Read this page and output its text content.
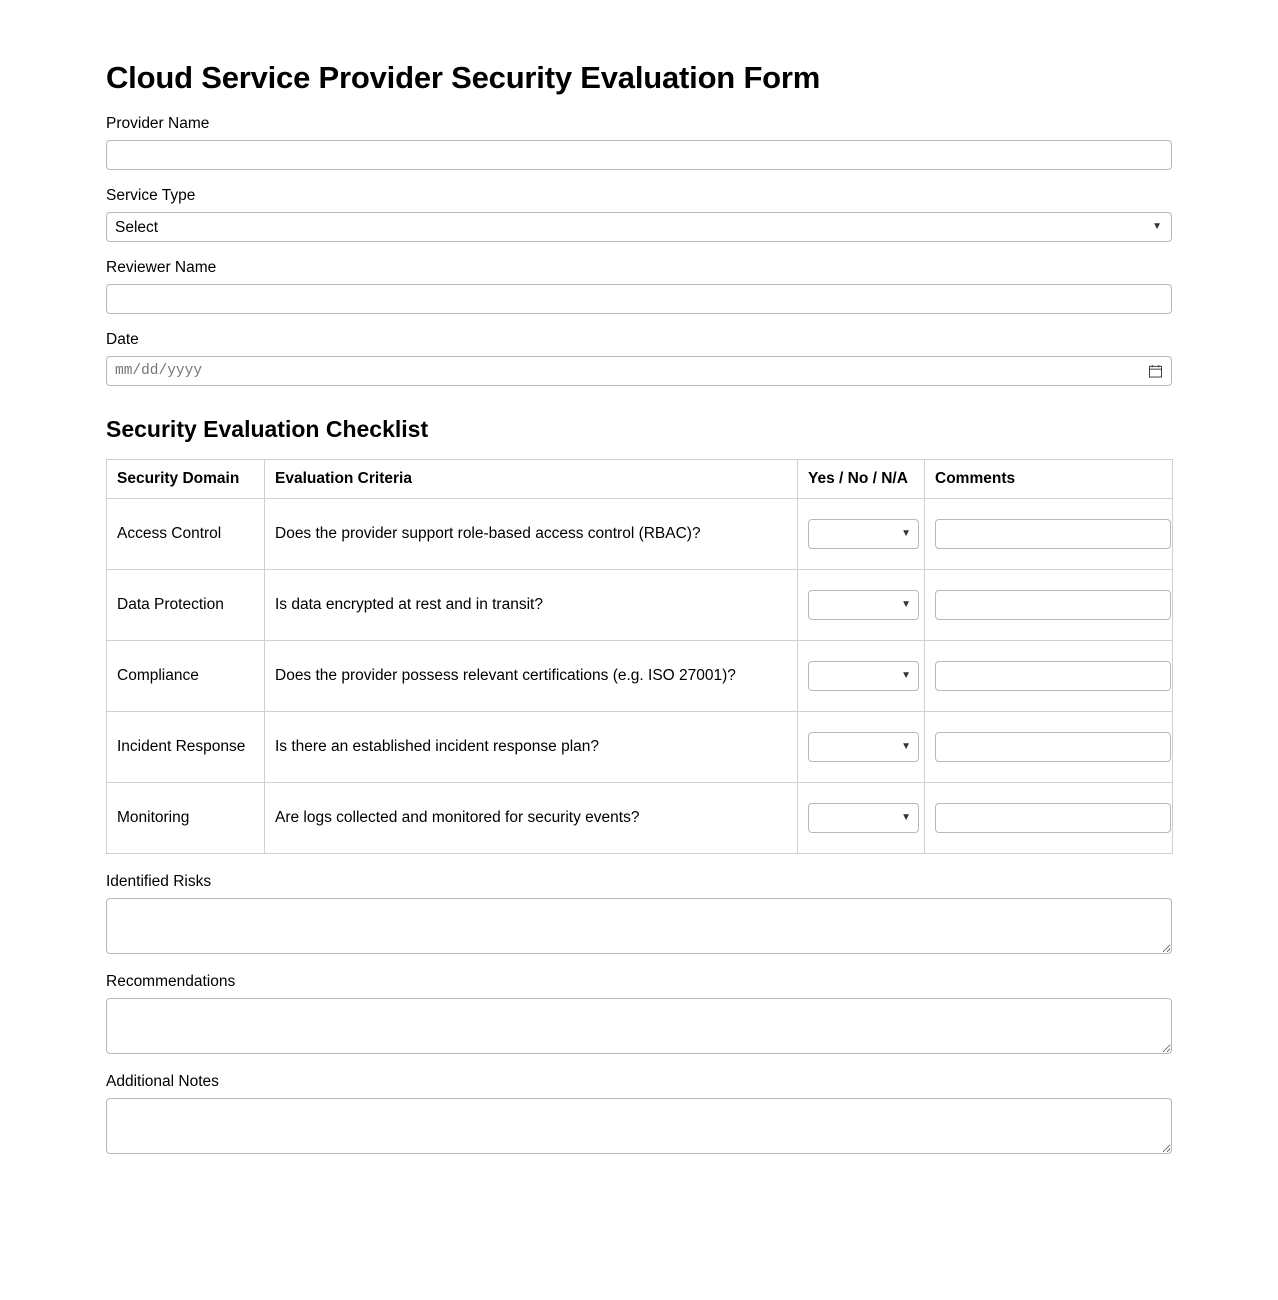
Cloud Service Provider Security Evaluation Form
Provider Name
Service Type
Select
▼
Reviewer Name
Date
mm/dd/yyyy
Security Evaluation Checklist
Security Domain	Evaluation Criteria	Yes / No / N/A	Comments
Access Control	Does the provider support role-based access control (RBAC)?	▼

Data Protection	Is data encrypted at rest and in transit?	▼

Compliance	Does the provider possess relevant certifications (e.g. ISO 27001)?	▼

Incident Response	Is there an established incident response plan?	▼

Monitoring	Are logs collected and monitored for security events?	▼

Identified Risks
Recommendations
Additional Notes
